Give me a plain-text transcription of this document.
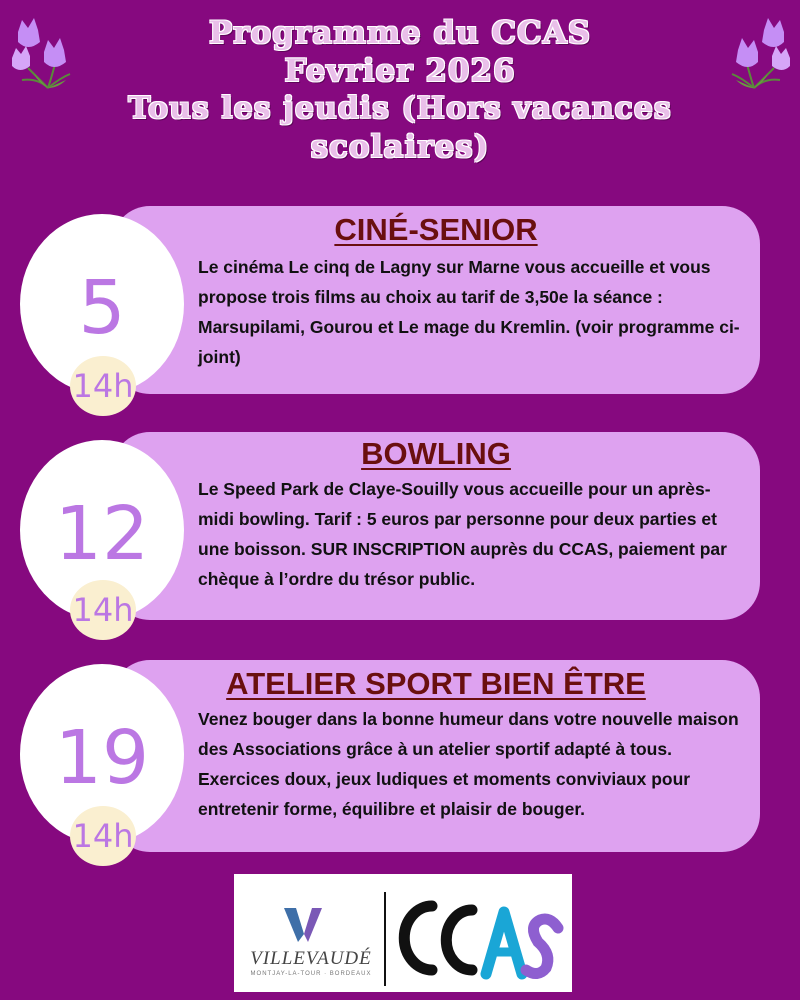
Programme du CCAS
Fevrier 2026
Tous les jeudis (Hors vacances
scolaires)
CINÉ-SENIOR
Le cinéma Le cinq de Lagny sur Marne vous accueille et vous propose trois films au choix au tarif de 3,50e la séance : Marsupilami, Gourou et Le mage du Kremlin. (voir programme ci-joint)
5
14h
BOWLING
Le Speed Park de Claye-Souilly vous accueille pour un après-midi bowling. Tarif : 5 euros par personne pour deux parties et une boisson. SUR INSCRIPTION auprès du CCAS, paiement par chèque à l’ordre du trésor public.
12
14h
ATELIER SPORT BIEN ÊTRE
Venez bouger dans la bonne humeur dans votre nouvelle maison des Associations grâce à un atelier sportif adapté à tous. Exercices doux, jeux ludiques et moments conviviaux pour entretenir forme, équilibre et plaisir de bouger.
19
14h
VILLEVAUDÉ
MONTJAY-LA-TOUR · BORDEAUX
